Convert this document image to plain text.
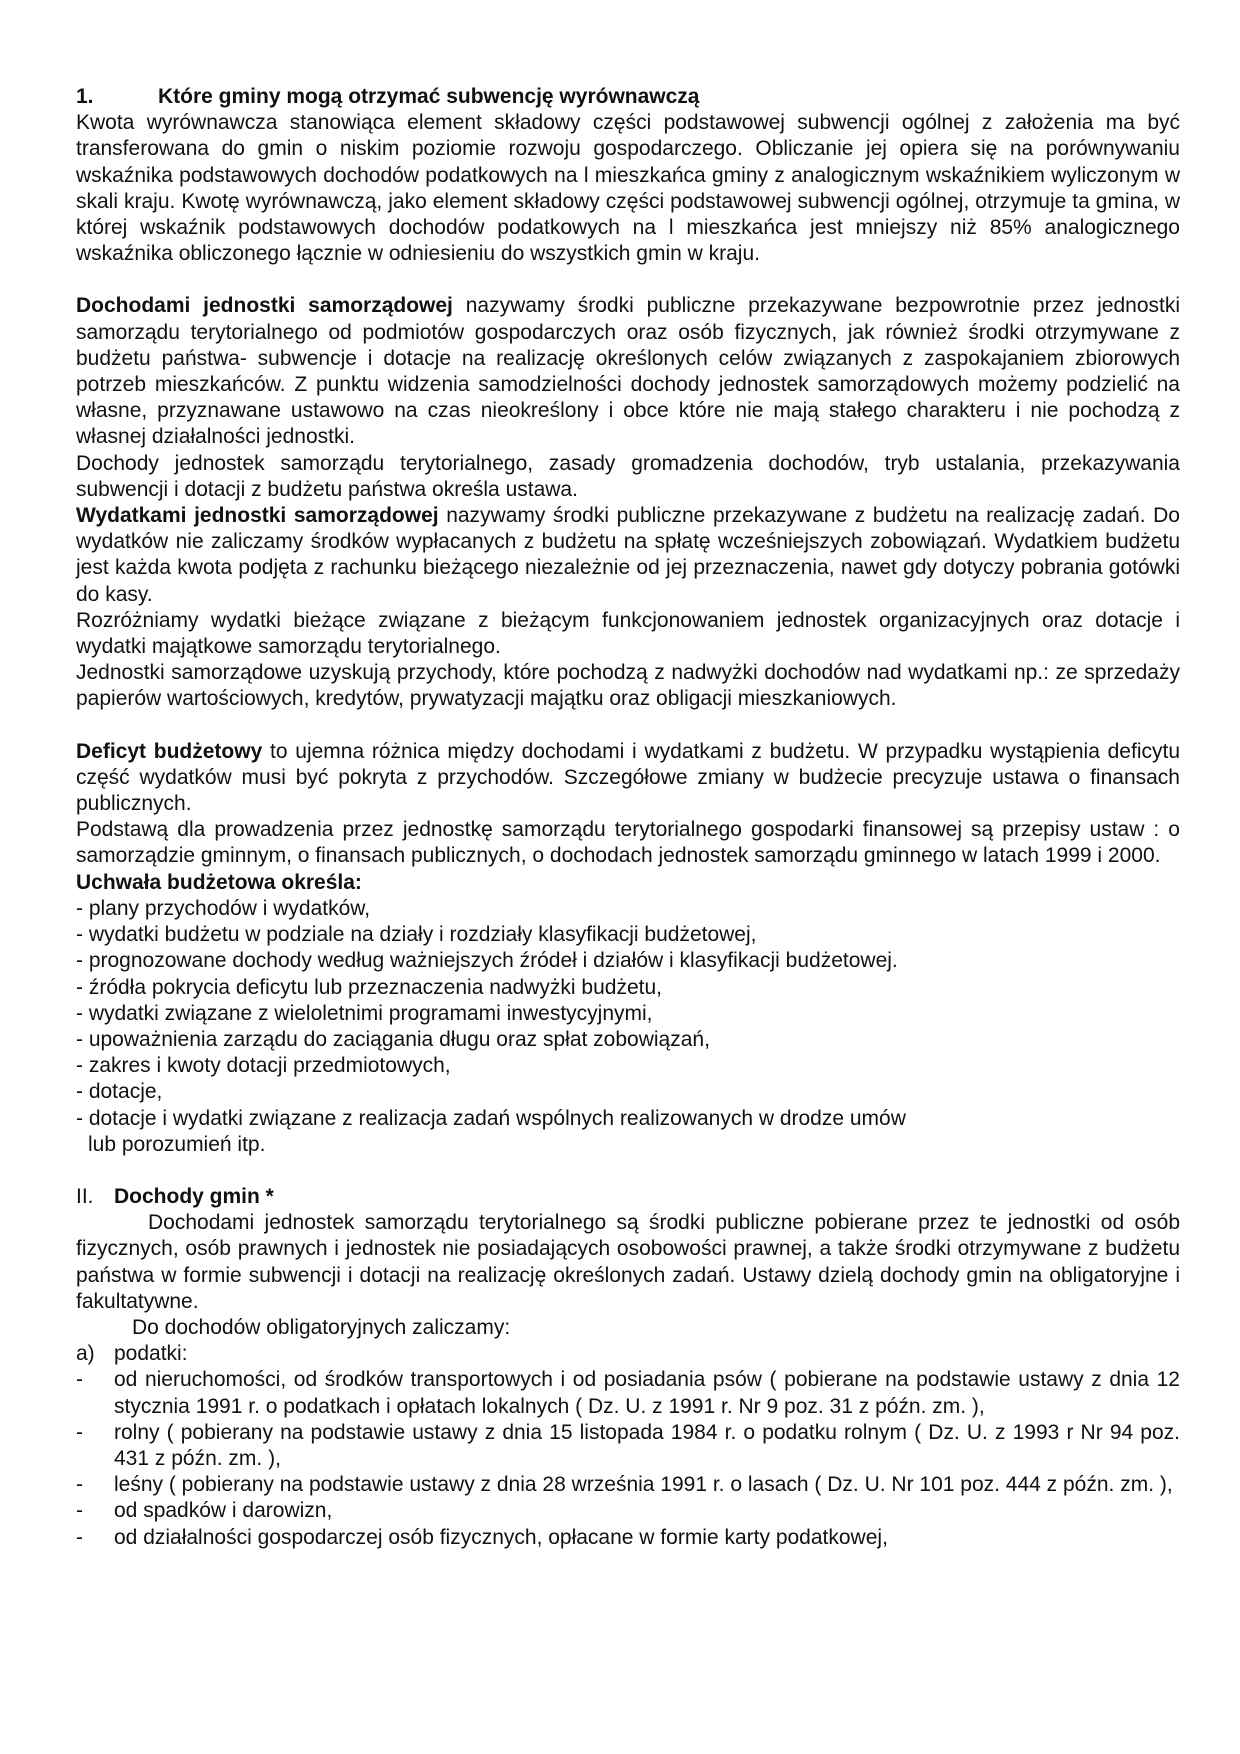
1.	Które gminy mogą otrzymać subwencję wyrównawczą

Kwota wyrównawcza stanowiąca element składowy części podstawowej subwencji ogólnej z założenia ma być transferowana do gmin o niskim poziomie rozwoju gospodarczego. Obliczanie jej opiera się na porównywaniu wskaźnika podstawowych dochodów podatkowych na l mieszkańca gminy z analogicznym wskaźnikiem wyliczonym w skali kraju. Kwotę wyrównawczą, jako element składowy części podstawowej subwencji ogólnej, otrzymuje ta gmina, w której wskaźnik podstawowych dochodów podatkowych na l mieszkańca jest mniejszy niż 85% analogicznego wskaźnika obliczonego łącznie w odniesieniu do wszystkich gmin w kraju.

Dochodami jednostki samorządowej nazywamy środki publiczne przekazywane bezpowrotnie przez jednostki samorządu terytorialnego od podmiotów gospodarczych oraz osób fizycznych, jak również środki otrzymywane z budżetu państwa- subwencje i dotacje na realizację określonych celów związanych z zaspokajaniem zbiorowych potrzeb mieszkańców. Z punktu widzenia samodzielności dochody jednostek samorządowych możemy podzielić na własne, przyznawane ustawowo na czas nieokreślony i obce które nie mają stałego charakteru i nie pochodzą z własnej działalności jednostki.

Dochody jednostek samorządu terytorialnego, zasady gromadzenia dochodów, tryb ustalania, przekazywania subwencji i dotacji z budżetu państwa określa ustawa.

Wydatkami jednostki samorządowej nazywamy środki publiczne przekazywane z budżetu na realizację zadań. Do wydatków nie zaliczamy środków wypłacanych z budżetu na spłatę wcześniejszych zobowiązań. Wydatkiem budżetu jest każda kwota podjęta z rachunku bieżącego niezależnie od jej przeznaczenia, nawet gdy dotyczy pobrania gotówki do kasy.

Rozróżniamy wydatki bieżące związane z bieżącym funkcjonowaniem jednostek organizacyjnych oraz dotacje i wydatki majątkowe samorządu terytorialnego.

Jednostki samorządowe uzyskują przychody, które pochodzą z nadwyżki dochodów nad wydatkami np.: ze sprzedaży papierów wartościowych, kredytów, prywatyzacji majątku oraz obligacji mieszkaniowych.

Deficyt budżetowy to ujemna różnica między dochodami i wydatkami z budżetu. W przypadku wystąpienia deficytu część wydatków musi być pokryta z przychodów. Szczegółowe zmiany w budżecie precyzuje ustawa o finansach publicznych.

Podstawą dla prowadzenia przez jednostkę samorządu terytorialnego gospodarki finansowej są przepisy ustaw : o samorządzie gminnym, o finansach publicznych, o dochodach jednostek samorządu gminnego w latach 1999 i 2000.

Uchwała budżetowa określa:
- plany przychodów i wydatków,
- wydatki budżetu w podziale na działy i rozdziały klasyfikacji budżetowej,
- prognozowane dochody według ważniejszych źródeł i działów i klasyfikacji budżetowej.
- źródła pokrycia deficytu lub przeznaczenia nadwyżki budżetu,
- wydatki związane z wieloletnimi programami inwestycyjnymi,
- upoważnienia zarządu do zaciągania długu oraz spłat zobowiązań,
- zakres i kwoty dotacji przedmiotowych,
- dotacje,
- dotacje i wydatki związane z realizacja zadań wspólnych realizowanych w drodze umów
lub porozumień itp.
II. Dochody gmin *

Dochodami jednostek samorządu terytorialnego są środki publiczne pobierane przez te jednostki od osób fizycznych, osób prawnych i jednostek nie posiadających osobowości prawnej, a także środki otrzymywane z budżetu państwa w formie subwencji i dotacji na realizację określonych zadań. Ustawy dzielą dochody gmin na obligatoryjne i fakultatywne.

Do dochodów obligatoryjnych zaliczamy:
a) podatki:
-	od nieruchomości, od środków transportowych i od posiadania psów ( pobierane na podstawie ustawy z dnia 12 stycznia 1991 r. o podatkach i opłatach lokalnych ( Dz. U. z 1991 r. Nr 9 poz. 31 z późn. zm. ),
-	rolny ( pobierany na podstawie ustawy z dnia 15 listopada 1984 r. o podatku rolnym ( Dz. U. z 1993 r Nr 94 poz. 431 z późn. zm. ),
-	leśny ( pobierany na podstawie ustawy z dnia 28 września 1991 r. o lasach ( Dz. U. Nr 101 poz. 444 z późn. zm. ),
-	od spadków i darowizn,
-	od działalności gospodarczej osób fizycznych, opłacane w formie karty podatkowej,
